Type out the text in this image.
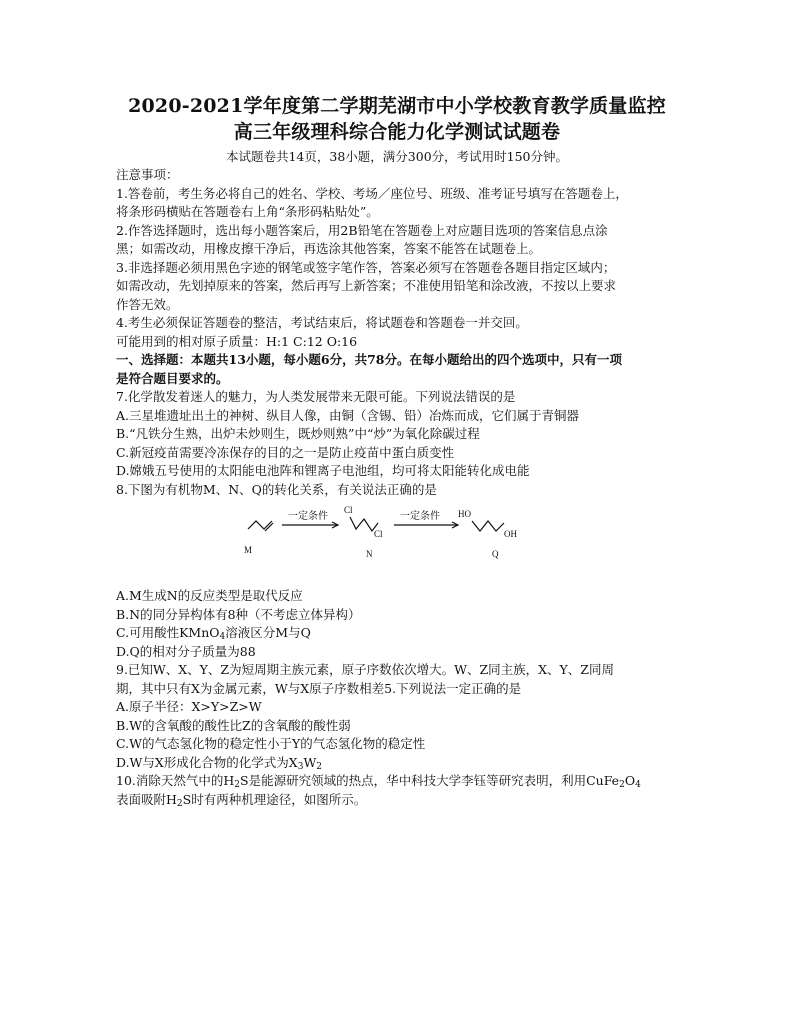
2020-2021学年度第二学期芜湖市中小学校教育教学质量监控
高三年级理科综合能力化学测试试题卷
本试题卷共14页，38小题，满分300分，考试用时150分钟。

注意事项：

1.答卷前，考生务必将自己的姓名、学校、考场／座位号、班级、准考证号填写在答题卷上，

将条形码横贴在答题卷右上角“条形码粘贴处”。

2.作答选择题时，选出每小题答案后，用2B铅笔在答题卷上对应题目选项的答案信息点涂

黑；如需改动，用橡皮擦干净后，再选涂其他答案，答案不能答在试题卷上。

3.非选择题必须用黑色字迹的钢笔或签字笔作答，答案必须写在答题卷各题目指定区域内；

如需改动，先划掉原来的答案，然后再写上新答案；不准使用铅笔和涂改液，不按以上要求

作答无效。

4.考生必须保证答题卷的整洁，考试结束后，将试题卷和答题卷一并交回。

可能用到的相对原子质量：H:1 C:12 O:16

一、选择题：本题共13小题，每小题6分，共78分。在每小题给出的四个选项中，只有一项

是符合题目要求的。

7.化学散发着迷人的魅力，为人类发展带来无限可能。下列说法错误的是

A.三星堆遗址出土的神树、纵目人像，由铜（含锡、铅）冶炼而成，它们属于青铜器

B.“凡铁分生熟，出炉未炒则生，既炒则熟”中“炒”为氧化除碳过程

C.新冠疫苗需要冷冻保存的目的之一是防止疫苗中蛋白质变性

D.嫦娥五号使用的太阳能电池阵和锂离子电池组，均可将太阳能转化成电能

8.下图为有机物M、N、Q的转化关系，有关说法正确的是

一定条件	一定条件
Cl
Cl
HO
OH
M	N	Q

A.M生成N的反应类型是取代反应

B.N的同分异构体有8种（不考虑立体异构）

C.可用酸性KMnO$_4$溶液区分M与Q

D.Q的相对分子质量为88

9.已知W、X、Y、Z为短周期主族元素，原子序数依次增大。W、Z同主族，X、Y、Z同周

期，其中只有X为金属元素，W与X原子序数相差5.下列说法一定正确的是

A.原子半径：X>Y>Z>W

B.W的含氧酸的酸性比Z的含氧酸的酸性弱

C.W的气态氢化物的稳定性小于Y的气态氢化物的稳定性

D.W与X形成化合物的化学式为$X_3W_2$

10.消除天然气中的$H_2S$是能源研究领域的热点，华中科技大学李钰等研究表明，利用$CuFe_2O_4$

表面吸附$H_2S$时有两种机理途径，如图所示。
